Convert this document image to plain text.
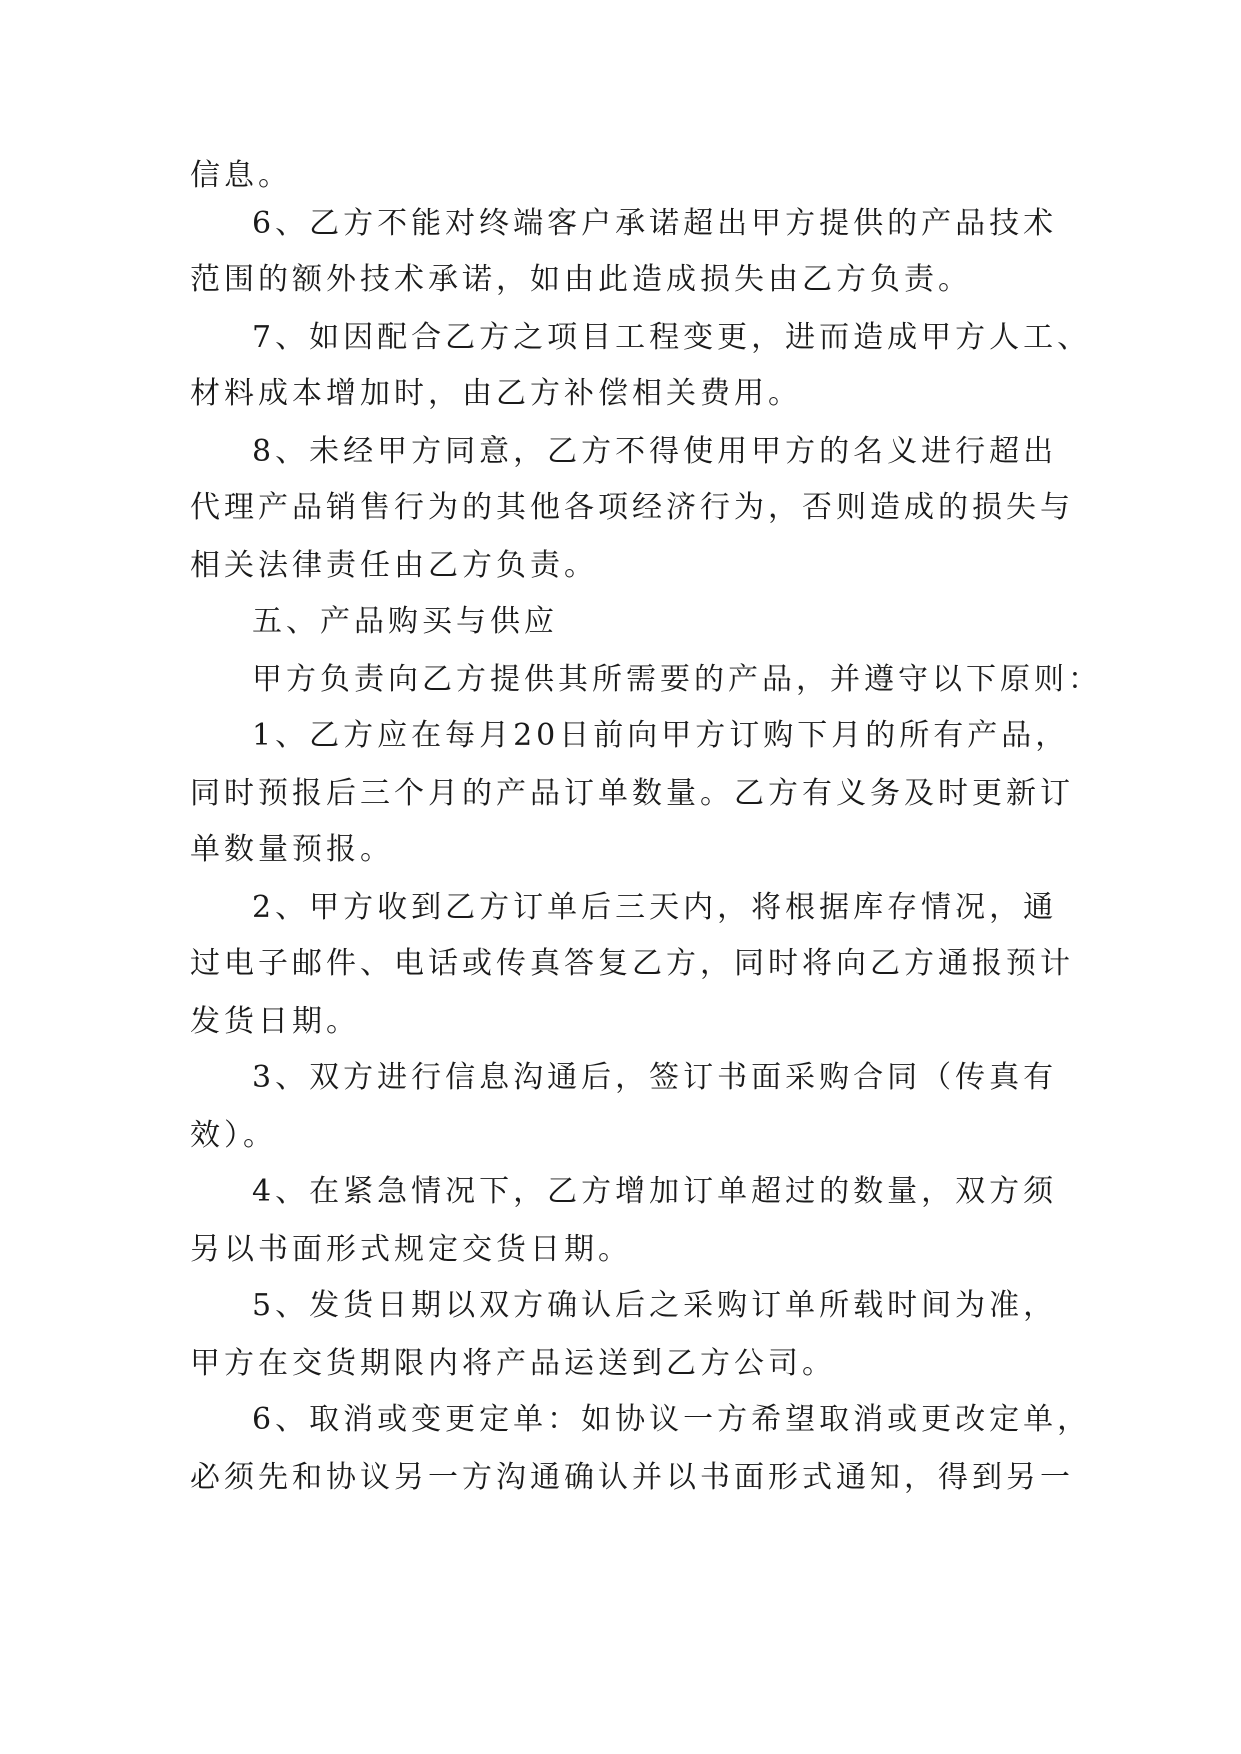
信息。
6、乙方不能对终端客户承诺超出甲方提供的产品技术
范围的额外技术承诺，如由此造成损失由乙方负责。
7、如因配合乙方之项目工程变更，进而造成甲方人工、
材料成本增加时，由乙方补偿相关费用。
8、未经甲方同意，乙方不得使用甲方的名义进行超出
代理产品销售行为的其他各项经济行为，否则造成的损失与
相关法律责任由乙方负责。
五、产品购买与供应
甲方负责向乙方提供其所需要的产品，并遵守以下原则：
1、乙方应在每月20日前向甲方订购下月的所有产品，
同时预报后三个月的产品订单数量。乙方有义务及时更新订
单数量预报。
2、甲方收到乙方订单后三天内，将根据库存情况，通
过电子邮件、电话或传真答复乙方，同时将向乙方通报预计
发货日期。
3、双方进行信息沟通后，签订书面采购合同（传真有
效）。
4、在紧急情况下，乙方增加订单超过的数量，双方须
另以书面形式规定交货日期。
5、发货日期以双方确认后之采购订单所载时间为准，
甲方在交货期限内将产品运送到乙方公司。
6、取消或变更定单：如协议一方希望取消或更改定单，
必须先和协议另一方沟通确认并以书面形式通知，得到另一
